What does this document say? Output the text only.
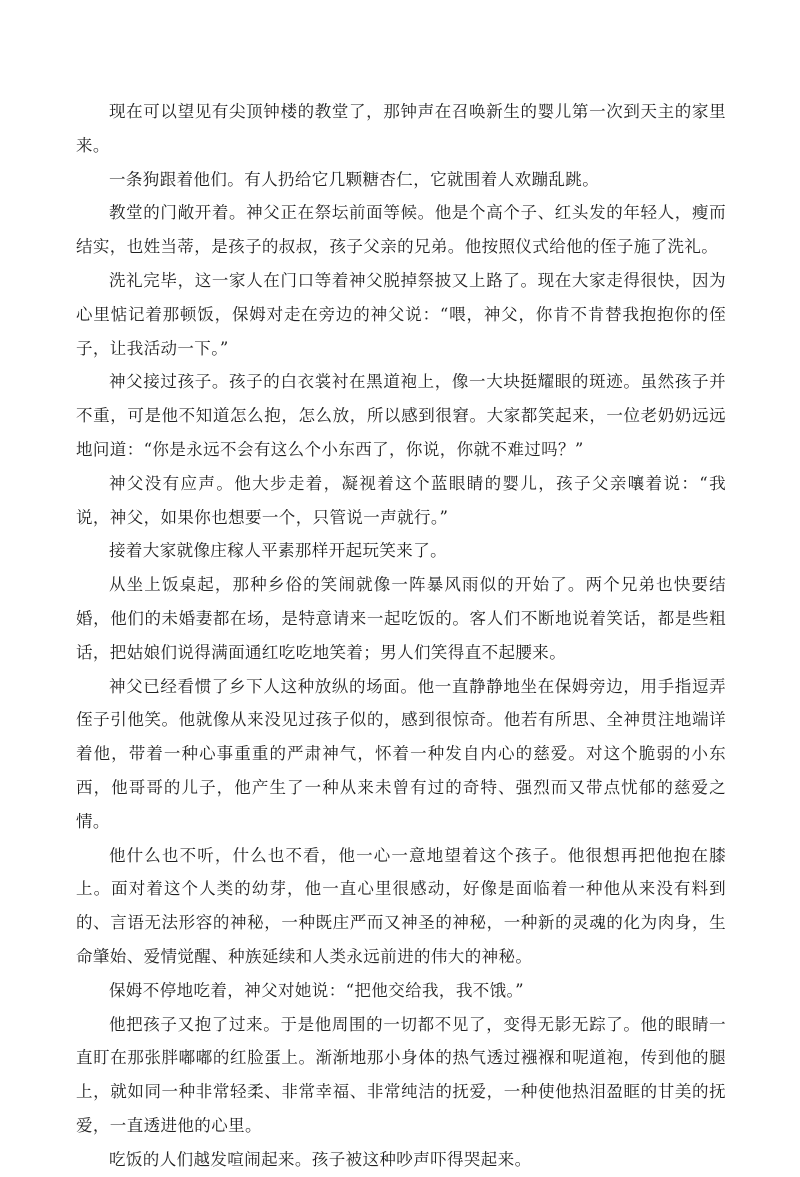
现在可以望见有尖顶钟楼的教堂了，那钟声在召唤新生的婴儿第一次到天主的家里来。

一条狗跟着他们。有人扔给它几颗糖杏仁，它就围着人欢蹦乱跳。

教堂的门敞开着。神父正在祭坛前面等候。他是个高个子、红头发的年轻人，瘦而结实，也姓当蒂，是孩子的叔叔，孩子父亲的兄弟。他按照仪式给他的侄子施了洗礼。

洗礼完毕，这一家人在门口等着神父脱掉祭披又上路了。现在大家走得很快，因为心里惦记着那顿饭，保姆对走在旁边的神父说：“喂，神父，你肯不肯替我抱抱你的侄子，让我活动一下。”

神父接过孩子。孩子的白衣裳衬在黑道袍上，像一大块挺耀眼的斑迹。虽然孩子并不重，可是他不知道怎么抱，怎么放，所以感到很窘。大家都笑起来，一位老奶奶远远地问道：“你是永远不会有这么个小东西了，你说，你就不难过吗？”

神父没有应声。他大步走着，凝视着这个蓝眼睛的婴儿，孩子父亲嚷着说：“我说，神父，如果你也想要一个，只管说一声就行。”

接着大家就像庄稼人平素那样开起玩笑来了。

从坐上饭桌起，那种乡俗的笑闹就像一阵暴风雨似的开始了。两个兄弟也快要结婚，他们的未婚妻都在场，是特意请来一起吃饭的。客人们不断地说着笑话，都是些粗话，把姑娘们说得满面通红吃吃地笑着；男人们笑得直不起腰来。

神父已经看惯了乡下人这种放纵的场面。他一直静静地坐在保姆旁边，用手指逗弄侄子引他笑。他就像从来没见过孩子似的，感到很惊奇。他若有所思、全神贯注地端详着他，带着一种心事重重的严肃神气，怀着一种发自内心的慈爱。对这个脆弱的小东西，他哥哥的儿子，他产生了一种从来未曾有过的奇特、强烈而又带点忧郁的慈爱之情。

他什么也不听，什么也不看，他一心一意地望着这个孩子。他很想再把他抱在膝上。面对着这个人类的幼芽，他一直心里很感动，好像是面临着一种他从来没有料到的、言语无法形容的神秘，一种既庄严而又神圣的神秘，一种新的灵魂的化为肉身，生命肇始、爱情觉醒、种族延续和人类永远前进的伟大的神秘。

保姆不停地吃着，神父对她说：“把他交给我，我不饿。”

他把孩子又抱了过来。于是他周围的一切都不见了，变得无影无踪了。他的眼睛一直盯在那张胖嘟嘟的红脸蛋上。渐渐地那小身体的热气透过襁褓和呢道袍，传到他的腿上，就如同一种非常轻柔、非常幸福、非常纯洁的抚爱，一种使他热泪盈眶的甘美的抚爱，一直透进他的心里。

吃饭的人们越发喧闹起来。孩子被这种吵声吓得哭起来。
